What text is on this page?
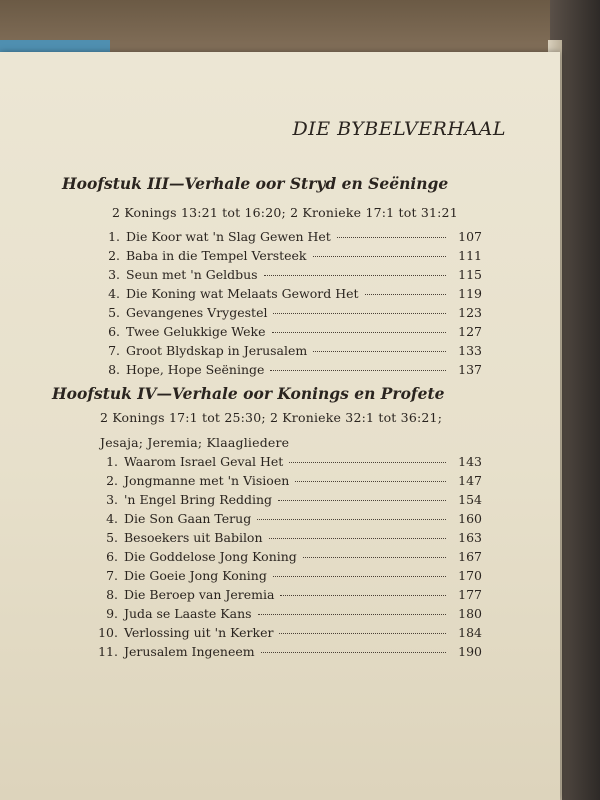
DIE BYBELVERHAAL
Hoofstuk III—Verhale oor Stryd en Seëninge
2 Konings 13:21 tot 16:20; 2 Kronieke 17:1 tot 31:21
1. Die Koor wat 'n Slag Gewen Het	107
2. Baba in die Tempel Versteek	111
3. Seun met 'n Geldbus	115
4. Die Koning wat Melaats Geword Het	119
5. Gevangenes Vrygestel	123
6. Twee Gelukkige Weke	127
7. Groot Blydskap in Jerusalem	133
8. Hope, Hope Seëninge	137
Hoofstuk IV—Verhale oor Konings en Profete
2 Konings 17:1 tot 25:30; 2 Kronieke 32:1 tot 36:21;
Jesaja; Jeremia; Klaagliedere
1. Waarom Israel Geval Het	143
2. Jongmanne met 'n Visioen	147
3. 'n Engel Bring Redding	154
4. Die Son Gaan Terug	160
5. Besoekers uit Babilon	163
6. Die Goddelose Jong Koning	167
7. Die Goeie Jong Koning	170
8. Die Beroep van Jeremia	177
9. Juda se Laaste Kans	180
10. Verlossing uit 'n Kerker	184
11. Jerusalem Ingeneem	190
